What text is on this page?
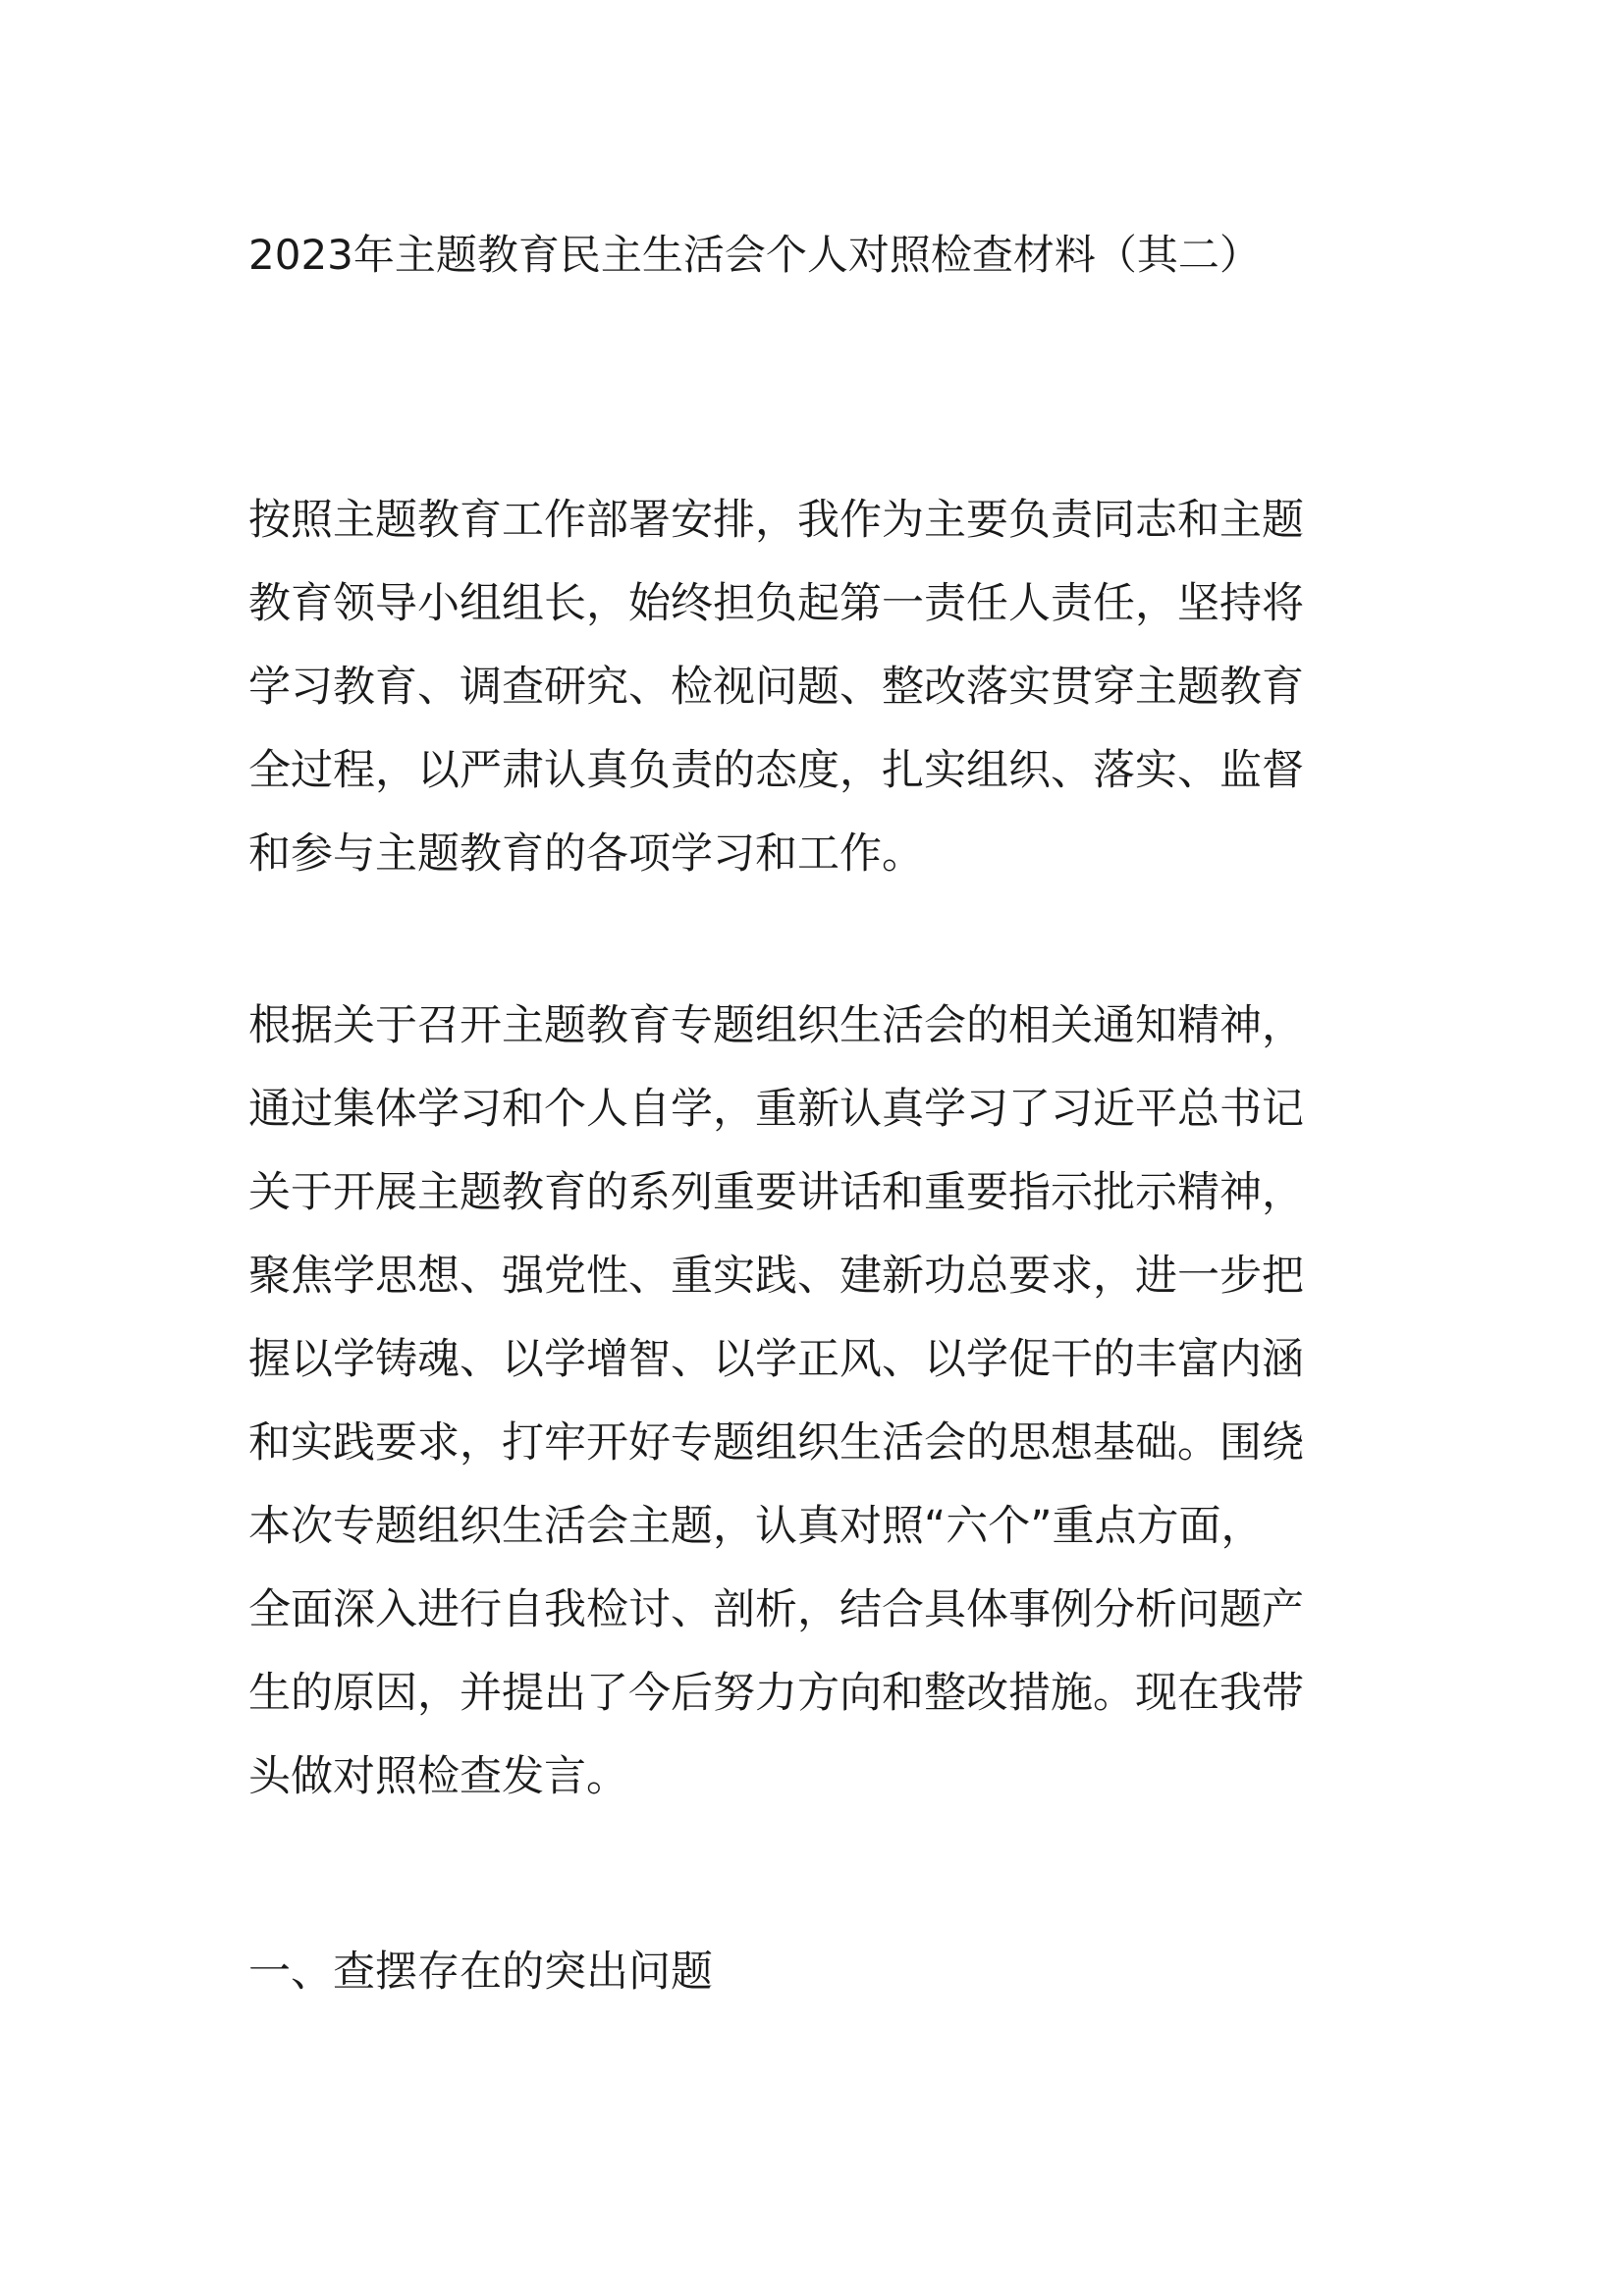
2023年主题教育民主生活会个人对照检查材料（其二）

按照主题教育工作部署安排，我作为主要负责同志和主题

教育领导小组组长，始终担负起第一责任人责任，坚持将

学习教育、调查研究、检视问题、整改落实贯穿主题教育

全过程，以严肃认真负责的态度，扎实组织、落实、监督

和参与主题教育的各项学习和工作。

根据关于召开主题教育专题组织生活会的相关通知精神，

通过集体学习和个人自学，重新认真学习了习近平总书记

关于开展主题教育的系列重要讲话和重要指示批示精神，

聚焦学思想、强党性、重实践、建新功总要求，进一步把

握以学铸魂、以学增智、以学正风、以学促干的丰富内涵

和实践要求，打牢开好专题组织生活会的思想基础。围绕

本次专题组织生活会主题，认真对照“六个”重点方面，

全面深入进行自我检讨、剖析，结合具体事例分析问题产

生的原因，并提出了今后努力方向和整改措施。现在我带

头做对照检查发言。

一、查摆存在的突出问题
